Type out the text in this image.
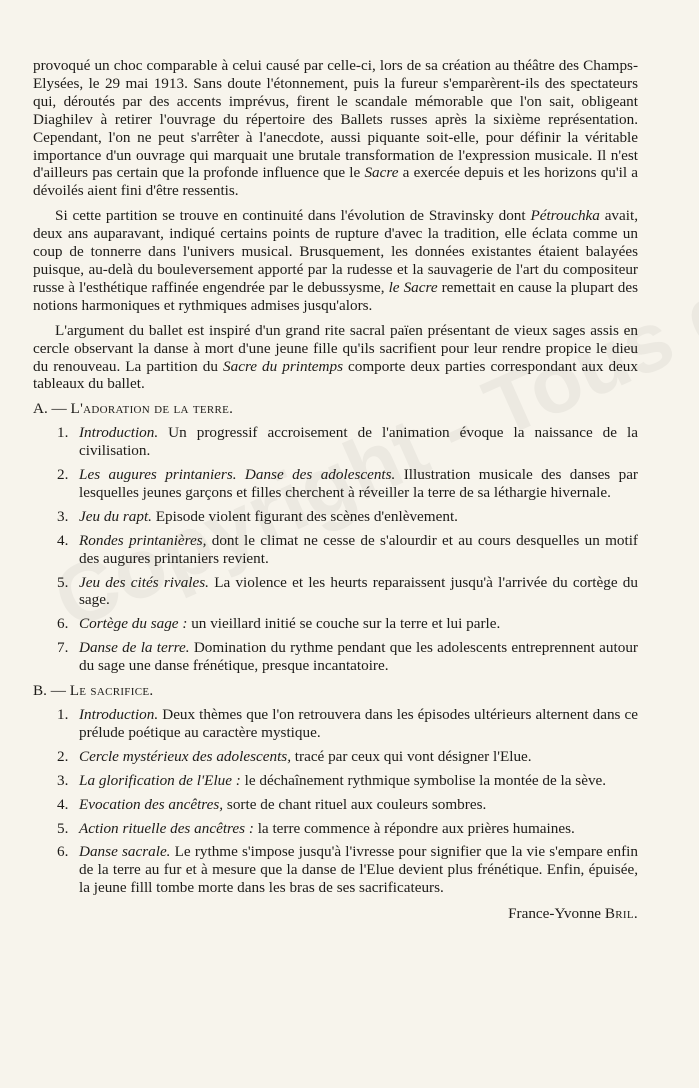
provoqué un choc comparable à celui causé par celle-ci, lors de sa création au théâtre des Champs-Elysées, le 29 mai 1913. Sans doute l'étonnement, puis la fureur s'emparèrent-ils des spectateurs qui, déroutés par des accents imprévus, firent le scandale mémorable que l'on sait, obligeant Diaghilev à retirer l'ouvrage du répertoire des Ballets russes après la sixième représentation. Cependant, l'on ne peut s'arrêter à l'anecdote, aussi piquante soit-elle, pour définir la véritable importance d'un ouvrage qui marquait une brutale transformation de l'expression musicale. Il n'est d'ailleurs pas certain que la profonde influence que le Sacre a exercée depuis et les horizons qu'il a dévoilés aient fini d'être ressentis.

Si cette partition se trouve en continuité dans l'évolution de Stravinsky dont Pétrouchka avait, deux ans auparavant, indiqué certains points de rupture d'avec la tradition, elle éclata comme un coup de tonnerre dans l'univers musical. Brusquement, les données existantes étaient balayées puisque, au-delà du bouleversement apporté par la rudesse et la sauvagerie de l'art du compositeur russe à l'esthétique raffinée engendrée par le debussysme, le Sacre remettait en cause la plupart des notions harmoniques et rythmiques admises jusqu'alors.

L'argument du ballet est inspiré d'un grand rite sacral païen présentant de vieux sages assis en cercle observant la danse à mort d'une jeune fille qu'ils sacrifient pour leur rendre propice le dieu du renouveau. La partition du Sacre du printemps comporte deux parties correspondant aux deux tableaux du ballet.

A. — L'adoration de la terre.
1. Introduction. Un progressif accroisement de l'animation évoque la naissance de la civilisation.
2. Les augures printaniers. Danse des adolescents. Illustration musicale des danses par lesquelles jeunes garçons et filles cherchent à réveiller la terre de sa léthargie hivernale.
3. Jeu du rapt. Episode violent figurant des scènes d'enlèvement.
4. Rondes printanières, dont le climat ne cesse de s'alourdir et au cours desquelles un motif des augures printaniers revient.
5. Jeu des cités rivales. La violence et les heurts reparaissent jusqu'à l'arrivée du cortège du sage.
6. Cortège du sage : un vieillard initié se couche sur la terre et lui parle.
7. Danse de la terre. Domination du rythme pendant que les adolescents entreprennent autour du sage une danse frénétique, presque incantatoire.
B. — Le sacrifice.
1. Introduction. Deux thèmes que l'on retrouvera dans les épisodes ultérieurs alternent dans ce prélude poétique au caractère mystique.
2. Cercle mystérieux des adolescents, tracé par ceux qui vont désigner l'Elue.
3. La glorification de l'Elue : le déchaînement rythmique symbolise la montée de la sève.
4. Evocation des ancêtres, sorte de chant rituel aux couleurs sombres.
5. Action rituelle des ancêtres : la terre commence à répondre aux prières humaines.
6. Danse sacrale. Le rythme s'impose jusqu'à l'ivresse pour signifier que la vie s'empare enfin de la terre au fur et à mesure que la danse de l'Elue devient plus frénétique. Enfin, épuisée, la jeune filll tombe morte dans les bras de ses sacrificateurs.
France-Yvonne Bril.
